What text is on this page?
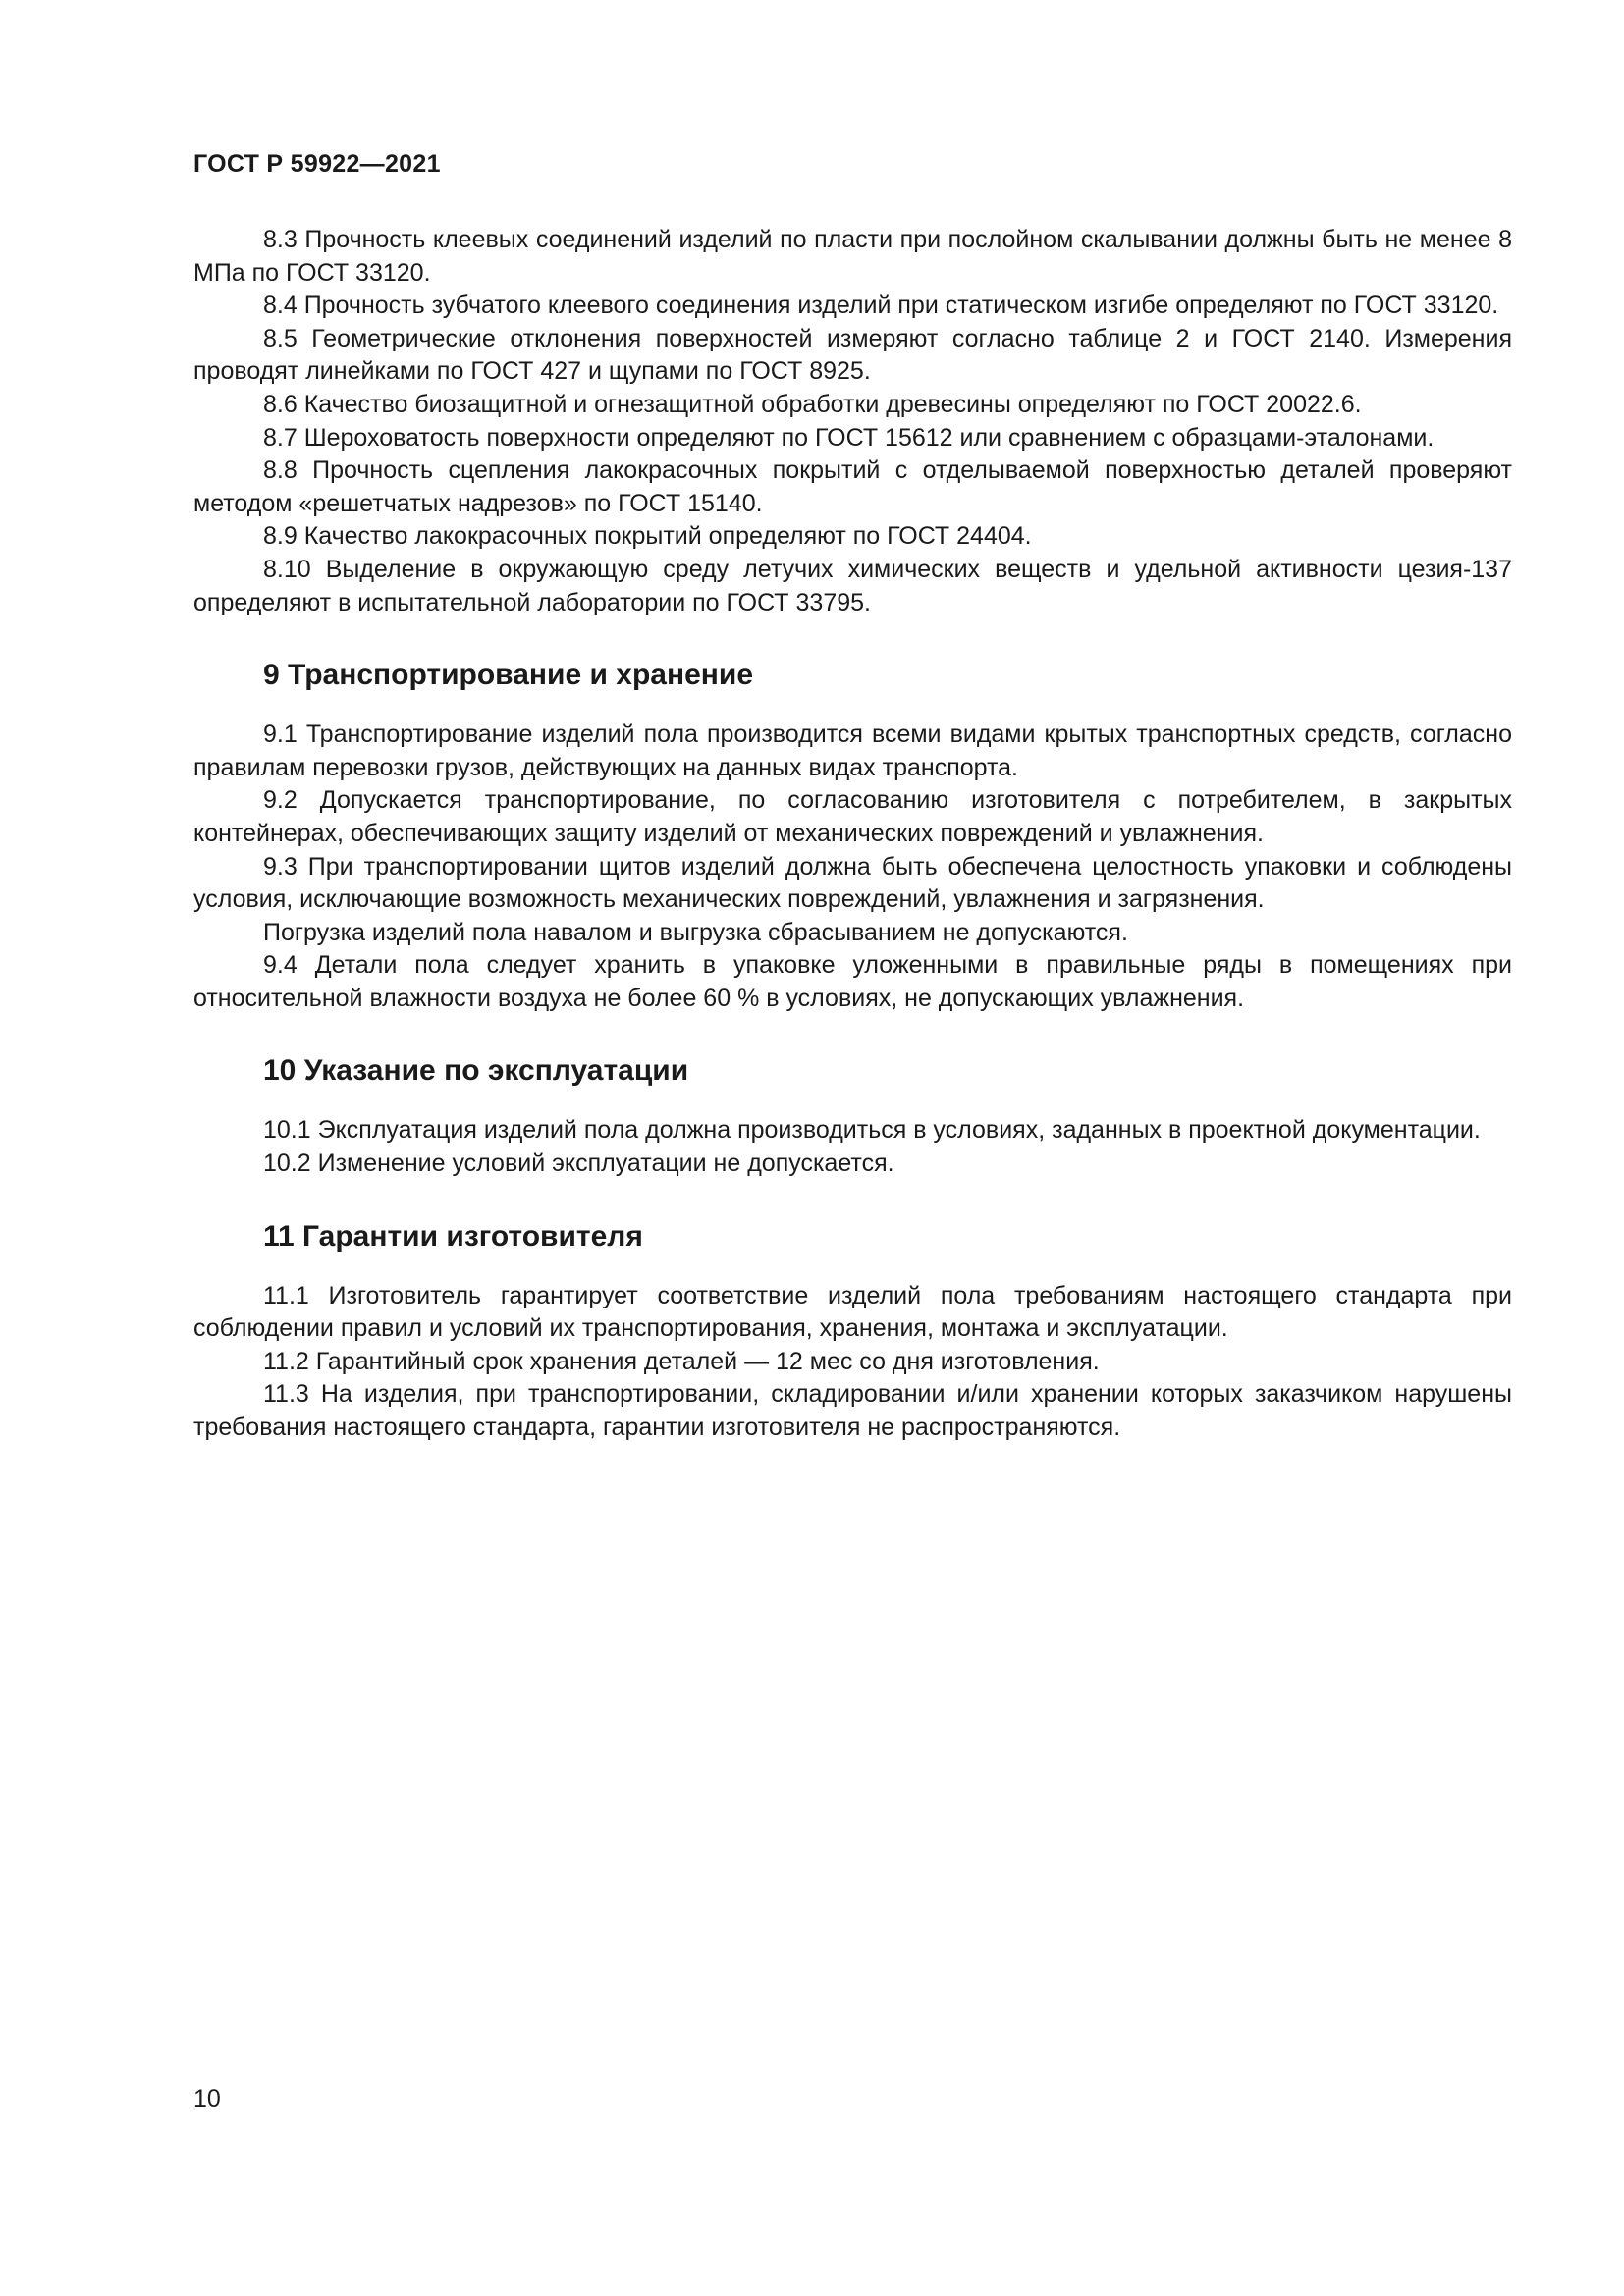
ГОСТ Р 59922—2021

8.3 Прочность клеевых соединений изделий по пласти при послойном скалывании должны быть не менее 8 МПа по ГОСТ 33120.

8.4 Прочность зубчатого клеевого соединения изделий при статическом изгибе определяют по ГОСТ 33120.

8.5 Геометрические отклонения поверхностей измеряют согласно таблице 2 и ГОСТ 2140. Измерения проводят линейками по ГОСТ 427 и щупами по ГОСТ 8925.

8.6 Качество биозащитной и огнезащитной обработки древесины определяют по ГОСТ 20022.6.

8.7 Шероховатость поверхности определяют по ГОСТ 15612 или сравнением с образцами-эталонами.

8.8 Прочность сцепления лакокрасочных покрытий с отделываемой поверхностью деталей проверяют методом «решетчатых надрезов» по ГОСТ 15140.

8.9 Качество лакокрасочных покрытий определяют по ГОСТ 24404.

8.10 Выделение в окружающую среду летучих химических веществ и удельной активности цезия-137 определяют в испытательной лаборатории по ГОСТ 33795.

9 Транспортирование и хранение

9.1 Транспортирование изделий пола производится всеми видами крытых транспортных средств, согласно правилам перевозки грузов, действующих на данных видах транспорта.

9.2 Допускается транспортирование, по согласованию изготовителя с потребителем, в закрытых контейнерах, обеспечивающих защиту изделий от механических повреждений и увлажнения.

9.3 При транспортировании щитов изделий должна быть обеспечена целостность упаковки и соблюдены условия, исключающие возможность механических повреждений, увлажнения и загрязнения.

Погрузка изделий пола навалом и выгрузка сбрасыванием не допускаются.

9.4 Детали пола следует хранить в упаковке уложенными в правильные ряды в помещениях при относительной влажности воздуха не более 60 % в условиях, не допускающих увлажнения.

10 Указание по эксплуатации

10.1 Эксплуатация изделий пола должна производиться в условиях, заданных в проектной документации.

10.2 Изменение условий эксплуатации не допускается.

11 Гарантии изготовителя

11.1 Изготовитель гарантирует соответствие изделий пола требованиям настоящего стандарта при соблюдении правил и условий их транспортирования, хранения, монтажа и эксплуатации.

11.2 Гарантийный срок хранения деталей — 12 мес со дня изготовления.

11.3 На изделия, при транспортировании, складировании и/или хранении которых заказчиком нарушены требования настоящего стандарта, гарантии изготовителя не распространяются.

10
